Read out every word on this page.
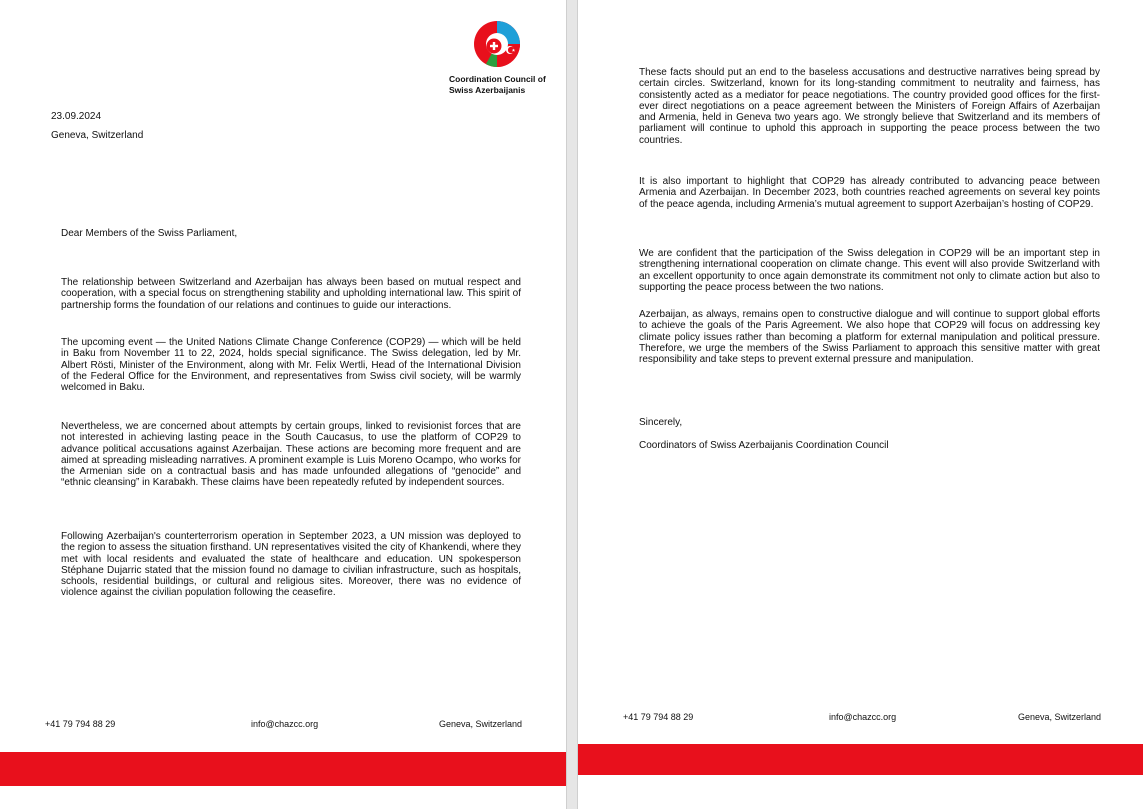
Coordination Council of
Swiss Azerbaijanis

23.09.2024

Geneva, Switzerland

Dear Members of the Swiss Parliament,

The relationship between Switzerland and Azerbaijan has always been based on mutual respect and cooperation, with a special focus on strengthening stability and upholding international law. This spirit of partnership forms the foundation of our relations and continues to guide our interactions.

The upcoming event — the United Nations Climate Change Conference (COP29) — which will be held in Baku from November 11 to 22, 2024, holds special significance. The Swiss delegation, led by Mr. Albert Rösti, Minister of the Environment, along with Mr. Felix Wertli, Head of the International Division of the Federal Office for the Environment, and representatives from Swiss civil society, will be warmly welcomed in Baku.

Nevertheless, we are concerned about attempts by certain groups, linked to revisionist forces that are not interested in achieving lasting peace in the South Caucasus, to use the platform of COP29 to advance political accusations against Azerbaijan. These actions are becoming more frequent and are aimed at spreading misleading narratives. A prominent example is Luis Moreno Ocampo, who works for the Armenian side on a contractual basis and has made unfounded allegations of “genocide” and “ethnic cleansing” in Karabakh. These claims have been repeatedly refuted by independent sources.

Following Azerbaijan's counterterrorism operation in September 2023, a UN mission was deployed to the region to assess the situation firsthand. UN representatives visited the city of Khankendi, where they met with local residents and evaluated the state of healthcare and education. UN spokesperson Stéphane Dujarric stated that the mission found no damage to civilian infrastructure, such as hospitals, schools, residential buildings, or cultural and religious sites. Moreover, there was no evidence of violence against the civilian population following the ceasefire.

+41 79 794 88 29	info@chazcc.org	Geneva, Switzerland

These facts should put an end to the baseless accusations and destructive narratives being spread by certain circles. Switzerland, known for its long-standing commitment to neutrality and fairness, has consistently acted as a mediator for peace negotiations. The country provided good offices for the first-ever direct negotiations on a peace agreement between the Ministers of Foreign Affairs of Azerbaijan and Armenia, held in Geneva two years ago. We strongly believe that Switzerland and its members of parliament will continue to uphold this approach in supporting the peace process between the two countries.

It is also important to highlight that COP29 has already contributed to advancing peace between Armenia and Azerbaijan. In December 2023, both countries reached agreements on several key points of the peace agenda, including Armenia’s mutual agreement to support Azerbaijan’s hosting of COP29.

We are confident that the participation of the Swiss delegation in COP29 will be an important step in strengthening international cooperation on climate change. This event will also provide Switzerland with an excellent opportunity to once again demonstrate its commitment not only to climate action but also to supporting the peace process between the two nations.

Azerbaijan, as always, remains open to constructive dialogue and will continue to support global efforts to achieve the goals of the Paris Agreement. We also hope that COP29 will focus on addressing key climate policy issues rather than becoming a platform for external manipulation and political pressure. Therefore, we urge the members of the Swiss Parliament to approach this sensitive matter with great responsibility and take steps to prevent external pressure and manipulation.

Sincerely,

Coordinators of Swiss Azerbaijanis Coordination Council

+41 79 794 88 29	info@chazcc.org	Geneva, Switzerland
